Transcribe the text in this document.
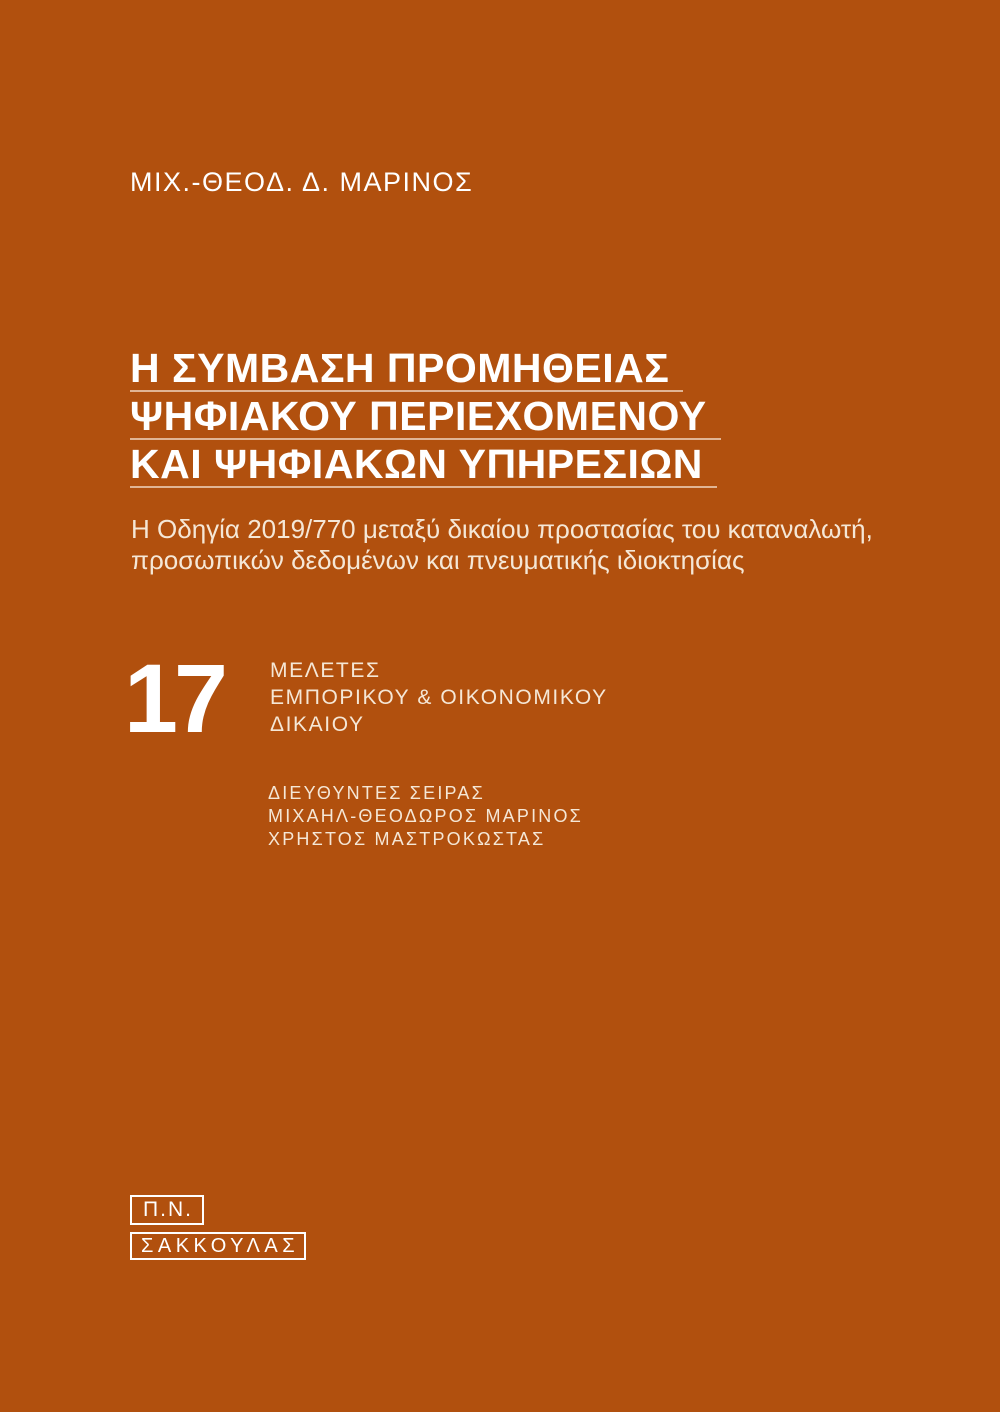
ΜΙΧ.-ΘΕΟΔ. Δ. ΜΑΡΙΝΟΣ
Η ΣΥΜΒΑΣΗ ΠΡΟΜΗΘΕΙΑΣ
ΨΗΦΙΑΚΟΥ ΠΕΡΙΕΧΟΜΕΝΟΥ
ΚΑΙ ΨΗΦΙΑΚΩΝ ΥΠΗΡΕΣΙΩΝ
Η Οδηγία 2019/770 μεταξύ δικαίου προστασίας του καταναλωτή,
προσωπικών δεδομένων και πνευματικής ιδιοκτησίας
17 ΜΕΛΕΤΕΣ
ΕΜΠΟΡΙΚΟΥ & ΟΙΚΟΝΟΜΙΚΟΥ
ΔΙΚΑΙΟΥ
ΔΙΕΥΘΥΝΤΕΣ ΣΕΙΡΑΣ
ΜΙΧΑΗΛ-ΘΕΟΔΩΡΟΣ ΜΑΡΙΝΟΣ
ΧΡΗΣΤΟΣ ΜΑΣΤΡΟΚΩΣΤΑΣ
Π.Ν.
ΣΑΚΚΟΥΛΑΣ
